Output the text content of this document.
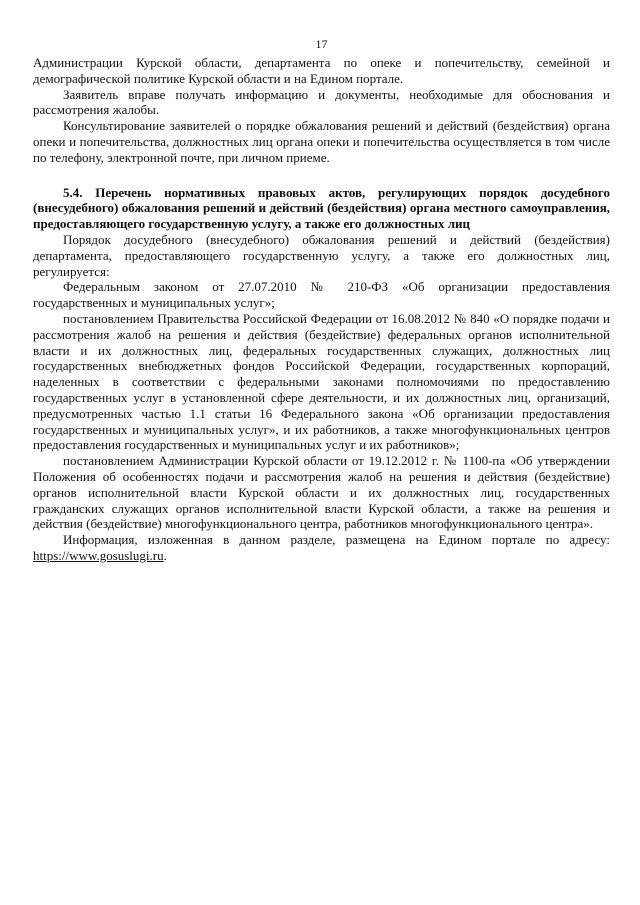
17

Администрации Курской области, департамента по опеке и попечительству, семейной и демографической политике Курской области и на Едином портале.

Заявитель вправе получать информацию и документы, необходимые для обоснования и рассмотрения жалобы.

Консультирование заявителей о порядке обжалования решений и действий (бездействия) органа опеки и попечительства, должностных лиц органа опеки и попечительства осуществляется в том числе по телефону, электронной почте, при личном приеме.

5.4. Перечень нормативных правовых актов, регулирующих порядок досудебного (внесудебного) обжалования решений и действий (бездействия) органа местного самоуправления, предоставляющего государственную услугу, а также его должностных лиц

Порядок досудебного (внесудебного) обжалования решений и действий (бездействия) департамента, предоставляющего государственную услугу, а также его должностных лиц, регулируется:

Федеральным законом от 27.07.2010 № 210-ФЗ «Об организации предоставления государственных и муниципальных услуг»;

постановлением Правительства Российской Федерации от 16.08.2012 № 840 «О порядке подачи и рассмотрения жалоб на решения и действия (бездействие) федеральных органов исполнительной власти и их должностных лиц, федеральных государственных служащих, должностных лиц государственных внебюджетных фондов Российской Федерации, государственных корпораций, наделенных в соответствии с федеральными законами полномочиями по предоставлению государственных услуг в установленной сфере деятельности, и их должностных лиц, организаций, предусмотренных частью 1.1 статьи 16 Федерального закона «Об организации предоставления государственных и муниципальных услуг», и их работников, а также многофункциональных центров предоставления государственных и муниципальных услуг и их работников»;

постановлением Администрации Курской области от 19.12.2012 г. № 1100-па «Об утверждении Положения об особенностях подачи и рассмотрения жалоб на решения и действия (бездействие) органов исполнительной власти Курской области и их должностных лиц, государственных гражданских служащих органов исполнительной власти Курской области, а также на решения и действия (бездействие) многофункционального центра, работников многофункционального центра».

Информация, изложенная в данном разделе, размещена на Едином портале по адресу: https://www.gosuslugi.ru.
